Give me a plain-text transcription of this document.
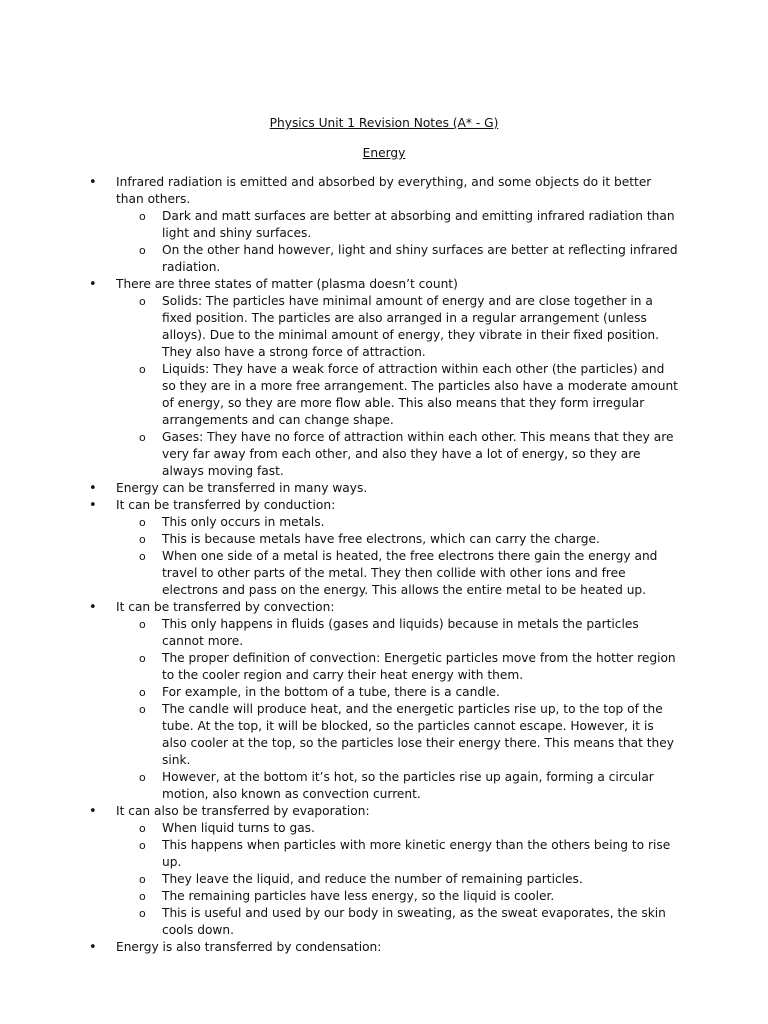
Physics Unit 1 Revision Notes (A* - G)
Energy
• Infrared radiation is emitted and absorbed by everything, and some objects do it better than others.
o Dark and matt surfaces are better at absorbing and emitting infrared radiation than light and shiny surfaces.
o On the other hand however, light and shiny surfaces are better at reflecting infrared radiation.
• There are three states of matter (plasma doesn’t count)
o Solids: The particles have minimal amount of energy and are close together in a fixed position. The particles are also arranged in a regular arrangement (unless alloys). Due to the minimal amount of energy, they vibrate in their fixed position. They also have a strong force of attraction.
o Liquids: They have a weak force of attraction within each other (the particles) and so they are in a more free arrangement. The particles also have a moderate amount of energy, so they are more flow able. This also means that they form irregular arrangements and can change shape.
o Gases: They have no force of attraction within each other. This means that they are very far away from each other, and also they have a lot of energy, so they are always moving fast.
• Energy can be transferred in many ways.
• It can be transferred by conduction:
o This only occurs in metals.
o This is because metals have free electrons, which can carry the charge.
o When one side of a metal is heated, the free electrons there gain the energy and travel to other parts of the metal. They then collide with other ions and free electrons and pass on the energy. This allows the entire metal to be heated up.
• It can be transferred by convection:
o This only happens in fluids (gases and liquids) because in metals the particles cannot more.
o The proper definition of convection: Energetic particles move from the hotter region to the cooler region and carry their heat energy with them.
o For example, in the bottom of a tube, there is a candle.
o The candle will produce heat, and the energetic particles rise up, to the top of the tube. At the top, it will be blocked, so the particles cannot escape. However, it is also cooler at the top, so the particles lose their energy there. This means that they sink.
o However, at the bottom it’s hot, so the particles rise up again, forming a circular motion, also known as convection current.
• It can also be transferred by evaporation:
o When liquid turns to gas.
o This happens when particles with more kinetic energy than the others being to rise up.
o They leave the liquid, and reduce the number of remaining particles.
o The remaining particles have less energy, so the liquid is cooler.
o This is useful and used by our body in sweating, as the sweat evaporates, the skin cools down.
• Energy is also transferred by condensation:
